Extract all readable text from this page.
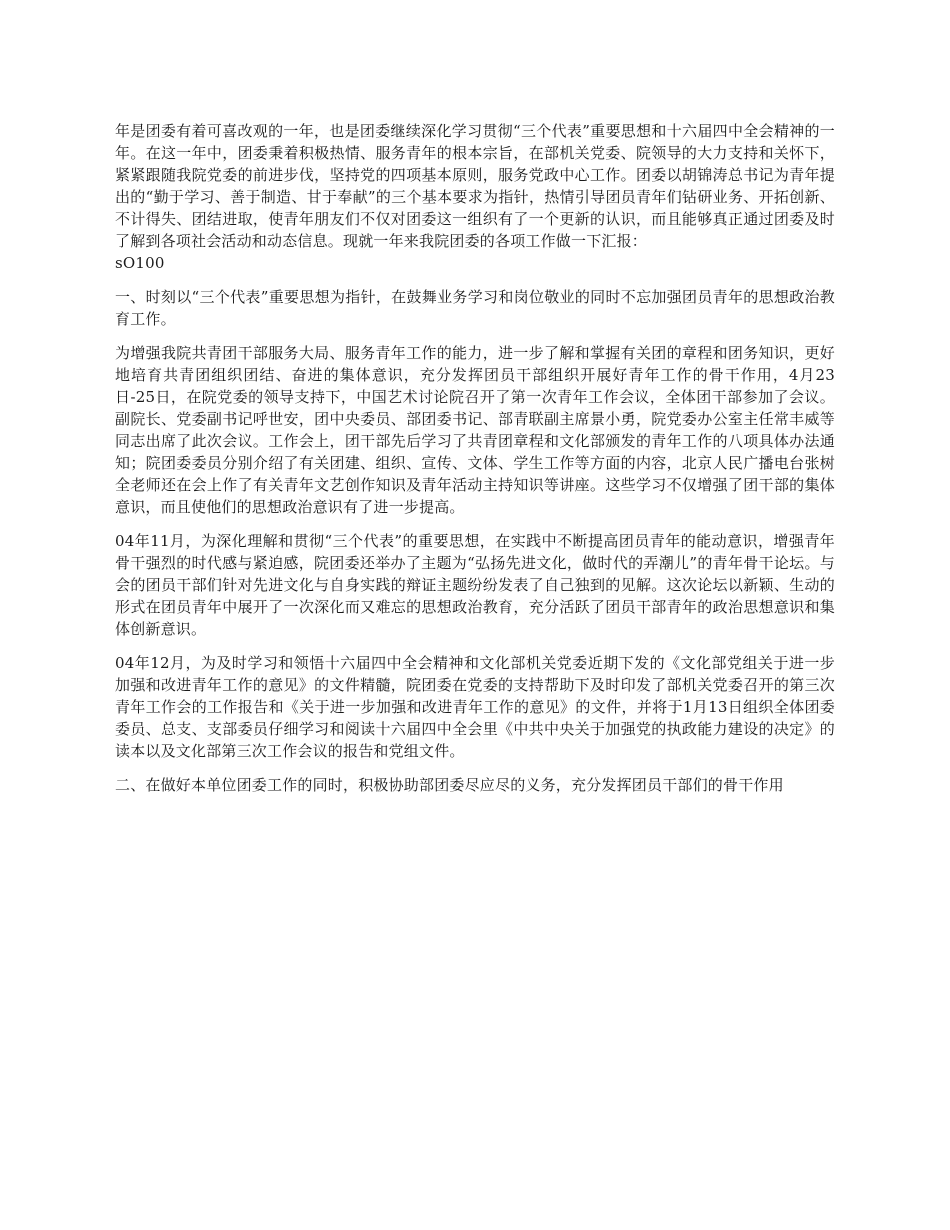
年是团委有着可喜改观的一年，也是团委继续深化学习贯彻“三个代表”重要思想和十六届四中全会精神的一年。在这一年中，团委秉着积极热情、服务青年的根本宗旨，在部机关党委、院领导的大力支持和关怀下，紧紧跟随我院党委的前进步伐，坚持党的四项基本原则，服务党政中心工作。团委以胡锦涛总书记为青年提出的“勤于学习、善于制造、甘于奉献”的三个基本要求为指针，热情引导团员青年们钻研业务、开拓创新、不计得失、团结进取，使青年朋友们不仅对团委这一组织有了一个更新的认识，而且能够真正通过团委及时了解到各项社会活动和动态信息。现就一年来我院团委的各项工作做一下汇报：
sO100

一、时刻以“三个代表”重要思想为指针，在鼓舞业务学习和岗位敬业的同时不忘加强团员青年的思想政治教育工作。

为增强我院共青团干部服务大局、服务青年工作的能力，进一步了解和掌握有关团的章程和团务知识，更好地培育共青团组织团结、奋进的集体意识，充分发挥团员干部组织开展好青年工作的骨干作用，4月23日-25日，在院党委的领导支持下，中国艺术讨论院召开了第一次青年工作会议，全体团干部参加了会议。副院长、党委副书记呼世安，团中央委员、部团委书记、部青联副主席景小勇，院党委办公室主任常丰威等同志出席了此次会议。工作会上，团干部先后学习了共青团章程和文化部颁发的青年工作的八项具体办法通知；院团委委员分别介绍了有关团建、组织、宣传、文体、学生工作等方面的内容，北京人民广播电台张树全老师还在会上作了有关青年文艺创作知识及青年活动主持知识等讲座。这些学习不仅增强了团干部的集体意识，而且使他们的思想政治意识有了进一步提高。

04年11月，为深化理解和贯彻“三个代表”的重要思想，在实践中不断提高团员青年的能动意识，增强青年骨干强烈的时代感与紧迫感，院团委还举办了主题为“弘扬先进文化，做时代的弄潮儿”的青年骨干论坛。与会的团员干部们针对先进文化与自身实践的辩证主题纷纷发表了自己独到的见解。这次论坛以新颖、生动的形式在团员青年中展开了一次深化而又难忘的思想政治教育，充分活跃了团员干部青年的政治思想意识和集体创新意识。

04年12月，为及时学习和领悟十六届四中全会精神和文化部机关党委近期下发的《文化部党组关于进一步加强和改进青年工作的意见》的文件精髓，院团委在党委的支持帮助下及时印发了部机关党委召开的第三次青年工作会的工作报告和《关于进一步加强和改进青年工作的意见》的文件，并将于1月13日组织全体团委委员、总支、支部委员仔细学习和阅读十六届四中全会里《中共中央关于加强党的执政能力建设的决定》的读本以及文化部第三次工作会议的报告和党组文件。

二、在做好本单位团委工作的同时，积极协助部团委尽应尽的义务，充分发挥团员干部们的骨干作用
